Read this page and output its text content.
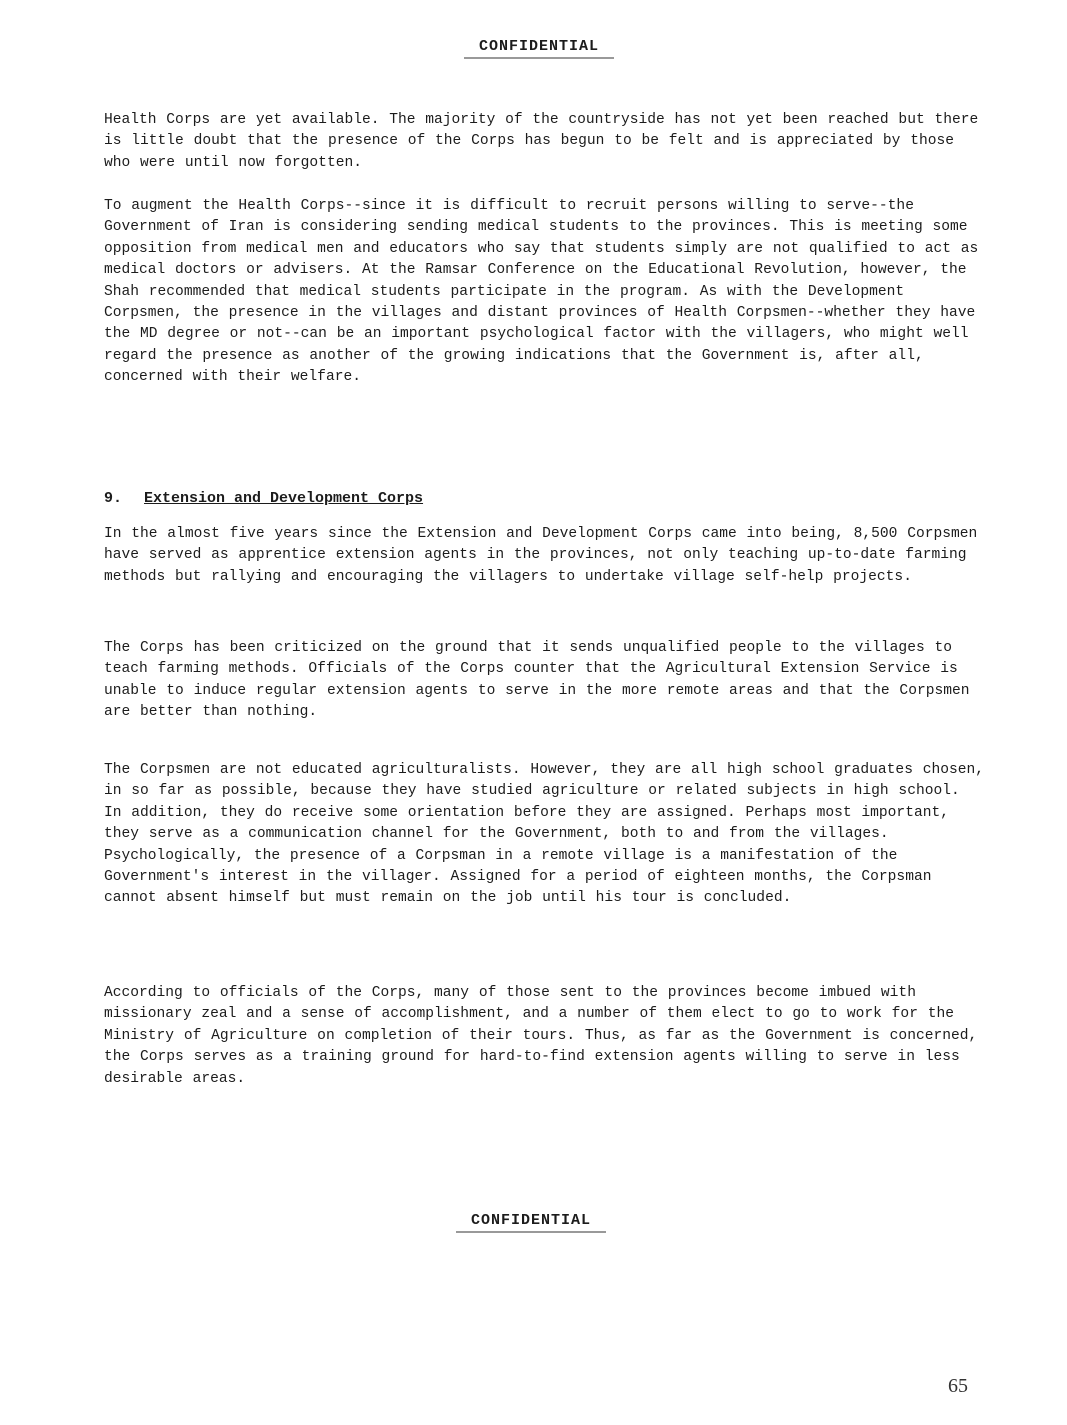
CONFIDENTIAL

Health Corps are yet available. The majority of the countryside has not yet been reached but there is little doubt that the presence of the Corps has begun to be felt and is appreciated by those who were until now forgotten.

To augment the Health Corps--since it is difficult to recruit persons willing to serve--the Government of Iran is considering sending medical students to the provinces. This is meeting some opposition from medical men and educators who say that students simply are not qualified to act as medical doctors or advisers. At the Ramsar Conference on the Educational Revolution, however, the Shah recommended that medical students participate in the program. As with the Development Corpsmen, the presence in the villages and distant provinces of Health Corpsmen--whether they have the MD degree or not--can be an important psychological factor with the villagers, who might well regard the presence as another of the growing indications that the Government is, after all, concerned with their welfare.

9. Extension and Development Corps

In the almost five years since the Extension and Development Corps came into being, 8,500 Corpsmen have served as apprentice extension agents in the provinces, not only teaching up-to-date farming methods but rallying and encouraging the villagers to undertake village self-help projects.

The Corps has been criticized on the ground that it sends unqualified people to the villages to teach farming methods. Officials of the Corps counter that the Agricultural Extension Service is unable to induce regular extension agents to serve in the more remote areas and that the Corpsmen are better than nothing.

The Corpsmen are not educated agriculturalists. However, they are all high school graduates chosen, in so far as possible, because they have studied agriculture or related subjects in high school. In addition, they do receive some orientation before they are assigned. Perhaps most important, they serve as a communication channel for the Government, both to and from the villages. Psychologically, the presence of a Corpsman in a remote village is a manifestation of the Government's interest in the villager. Assigned for a period of eighteen months, the Corpsman cannot absent himself but must remain on the job until his tour is concluded.

According to officials of the Corps, many of those sent to the provinces become imbued with missionary zeal and a sense of accomplishment, and a number of them elect to go to work for the Ministry of Agriculture on completion of their tours. Thus, as far as the Government is concerned, the Corps serves as a training ground for hard-to-find extension agents willing to serve in less desirable areas.

CONFIDENTIAL
65
